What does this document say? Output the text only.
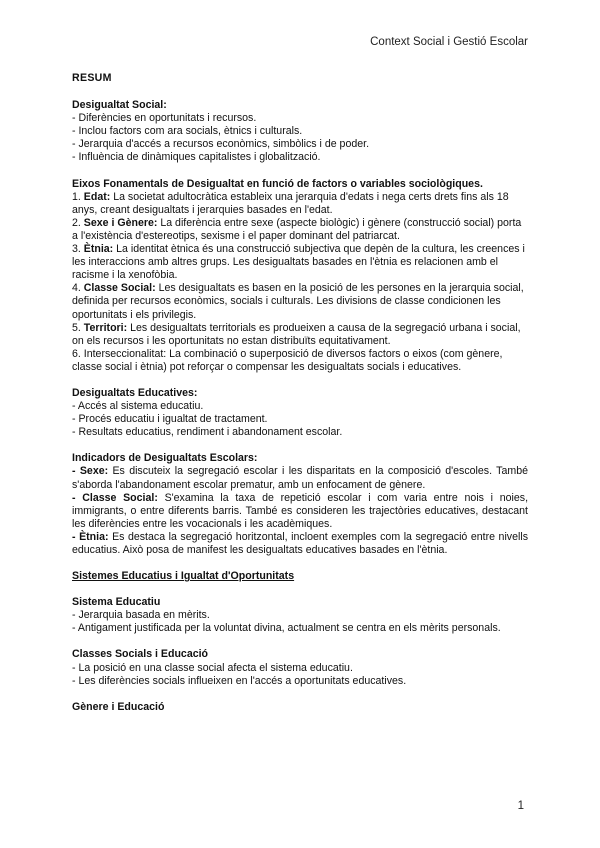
Context Social i Gestió Escolar
RESUM
Desigualtat Social:
- Diferències en oportunitats i recursos.
- Inclou factors com ara socials, ètnics i culturals.
- Jerarquia d'accés a recursos econòmics, simbòlics i de poder.
- Influència de dinàmiques capitalistes i globalització.
Eixos Fonamentals de Desigualtat en funció de factors o variables sociològiques.
1. Edat: La societat adultocràtica estableix una jerarquia d'edats i nega certs drets fins als 18 anys, creant desigualtats i jerarquies basades en l'edat.
2. Sexe i Gènere: La diferència entre sexe (aspecte biològic) i gènere (construcció social) porta a l'existència d'estereotips, sexisme i el paper dominant del patriarcat.
3. Ètnia: La identitat ètnica és una construcció subjectiva que depèn de la cultura, les creences i les interaccions amb altres grups. Les desigualtats basades en l'ètnia es relacionen amb el racisme i la xenofòbia.
4. Classe Social: Les desigualtats es basen en la posició de les persones en la jerarquia social, definida per recursos econòmics, socials i culturals. Les divisions de classe condicionen les oportunitats i els privilegis.
5. Territori: Les desigualtats territorials es produeixen a causa de la segregació urbana i social, on els recursos i les oportunitats no estan distribuïts equitativament.
6. Interseccionalitat: La combinació o superposició de diversos factors o eixos (com gènere, classe social i ètnia) pot reforçar o compensar les desigualtats socials i educatives.
Desigualtats Educatives:
- Accés al sistema educatiu.
- Procés educatiu i igualtat de tractament.
- Resultats educatius, rendiment i abandonament escolar.
Indicadors de Desigualtats Escolars:
- Sexe: Es discuteix la segregació escolar i les disparitats en la composició d'escoles. També s'aborda l'abandonament escolar prematur, amb un enfocament de gènere.
- Classe Social: S'examina la taxa de repetició escolar i com varia entre nois i noies, immigrants, o entre diferents barris. També es consideren les trajectòries educatives, destacant les diferències entre les vocacionals i les acadèmiques.
- Ètnia: Es destaca la segregació horitzontal, incloent exemples com la segregació entre nivells educatius. Això posa de manifest les desigualtats educatives basades en l'ètnia.
Sistemes Educatius i Igualtat d'Oportunitats
Sistema Educatiu
- Jerarquia basada en mèrits.
- Antigament justificada per la voluntat divina, actualment se centra en els mèrits personals.
Classes Socials i Educació
- La posició en una classe social afecta el sistema educatiu.
- Les diferències socials influeixen en l'accés a oportunitats educatives.
Gènere i Educació
1
